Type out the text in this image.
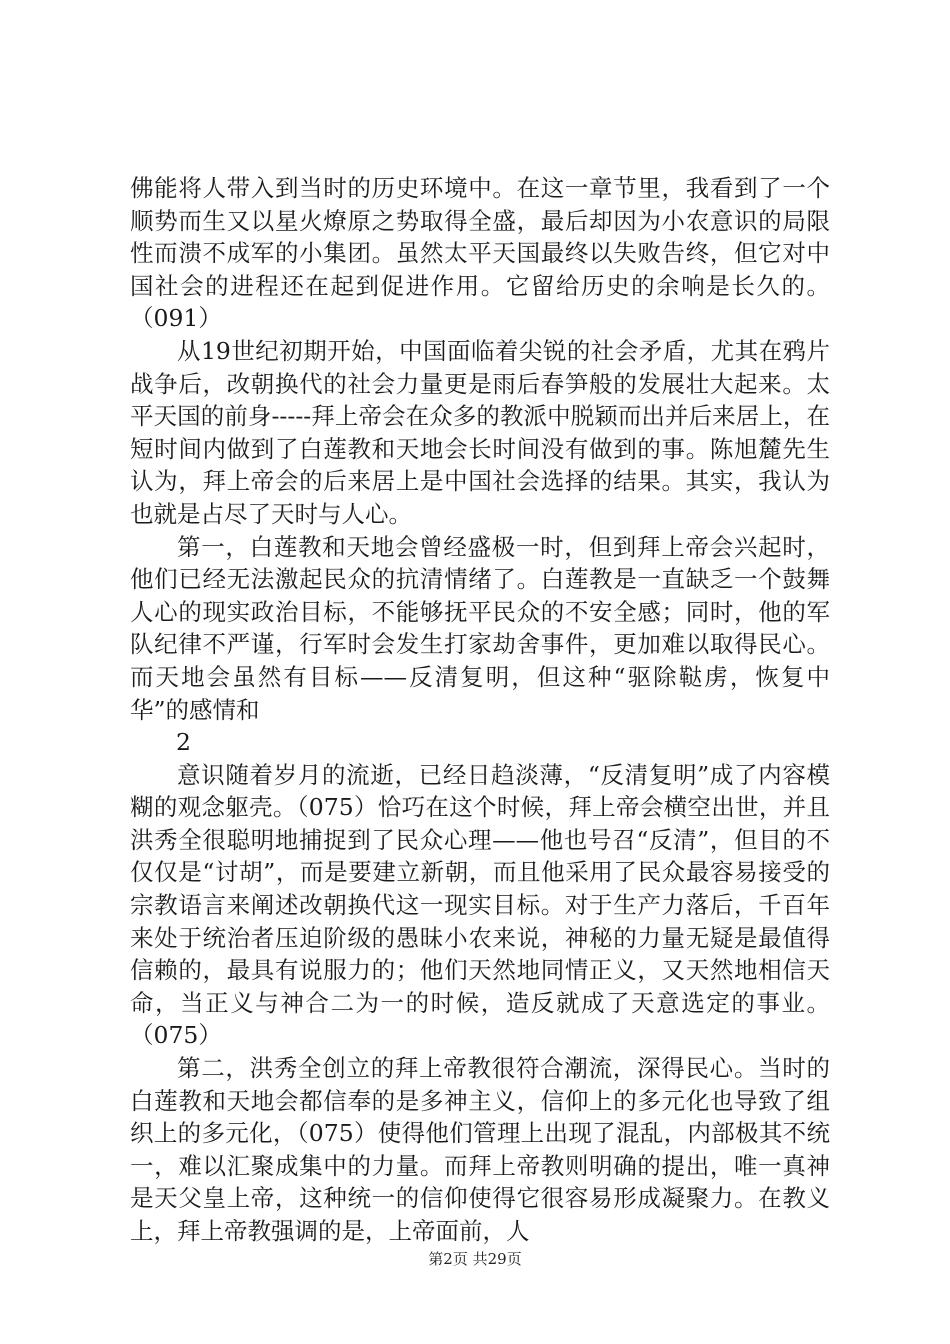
佛能将人带入到当时的历史环境中。在这一章节里，我看到了一个顺势而生又以星火燎原之势取得全盛，最后却因为小农意识的局限性而溃不成军的小集团。虽然太平天国最终以失败告终，但它对中国社会的进程还在起到促进作用。它留给历史的余响是长久的。（091）

从19世纪初期开始，中国面临着尖锐的社会矛盾，尤其在鸦片战争后，改朝换代的社会力量更是雨后春笋般的发展壮大起来。太平天国的前身-----拜上帝会在众多的教派中脱颖而出并后来居上，在短时间内做到了白莲教和天地会长时间没有做到的事。陈旭麓先生认为，拜上帝会的后来居上是中国社会选择的结果。其实，我认为也就是占尽了天时与人心。

第一，白莲教和天地会曾经盛极一时，但到拜上帝会兴起时，他们已经无法激起民众的抗清情绪了。白莲教是一直缺乏一个鼓舞人心的现实政治目标，不能够抚平民众的不安全感；同时，他的军队纪律不严谨，行军时会发生打家劫舍事件，更加难以取得民心。而天地会虽然有目标——反清复明，但这种“驱除鞑虏，恢复中华”的感情和

2

意识随着岁月的流逝，已经日趋淡薄，“反清复明”成了内容模糊的观念躯壳。（075）恰巧在这个时候，拜上帝会横空出世，并且洪秀全很聪明地捕捉到了民众心理——他也号召“反清”，但目的不仅仅是“讨胡”，而是要建立新朝，而且他采用了民众最容易接受的宗教语言来阐述改朝换代这一现实目标。对于生产力落后，千百年来处于统治者压迫阶级的愚昧小农来说，神秘的力量无疑是最值得信赖的，最具有说服力的；他们天然地同情正义，又天然地相信天命，当正义与神合二为一的时候，造反就成了天意选定的事业。（075）

第二，洪秀全创立的拜上帝教很符合潮流，深得民心。当时的白莲教和天地会都信奉的是多神主义，信仰上的多元化也导致了组织上的多元化，（075）使得他们管理上出现了混乱，内部极其不统一，难以汇聚成集中的力量。而拜上帝教则明确的提出，唯一真神是天父皇上帝，这种统一的信仰使得它很容易形成凝聚力。在教义上，拜上帝教强调的是，上帝面前，人

第2页 共29页
